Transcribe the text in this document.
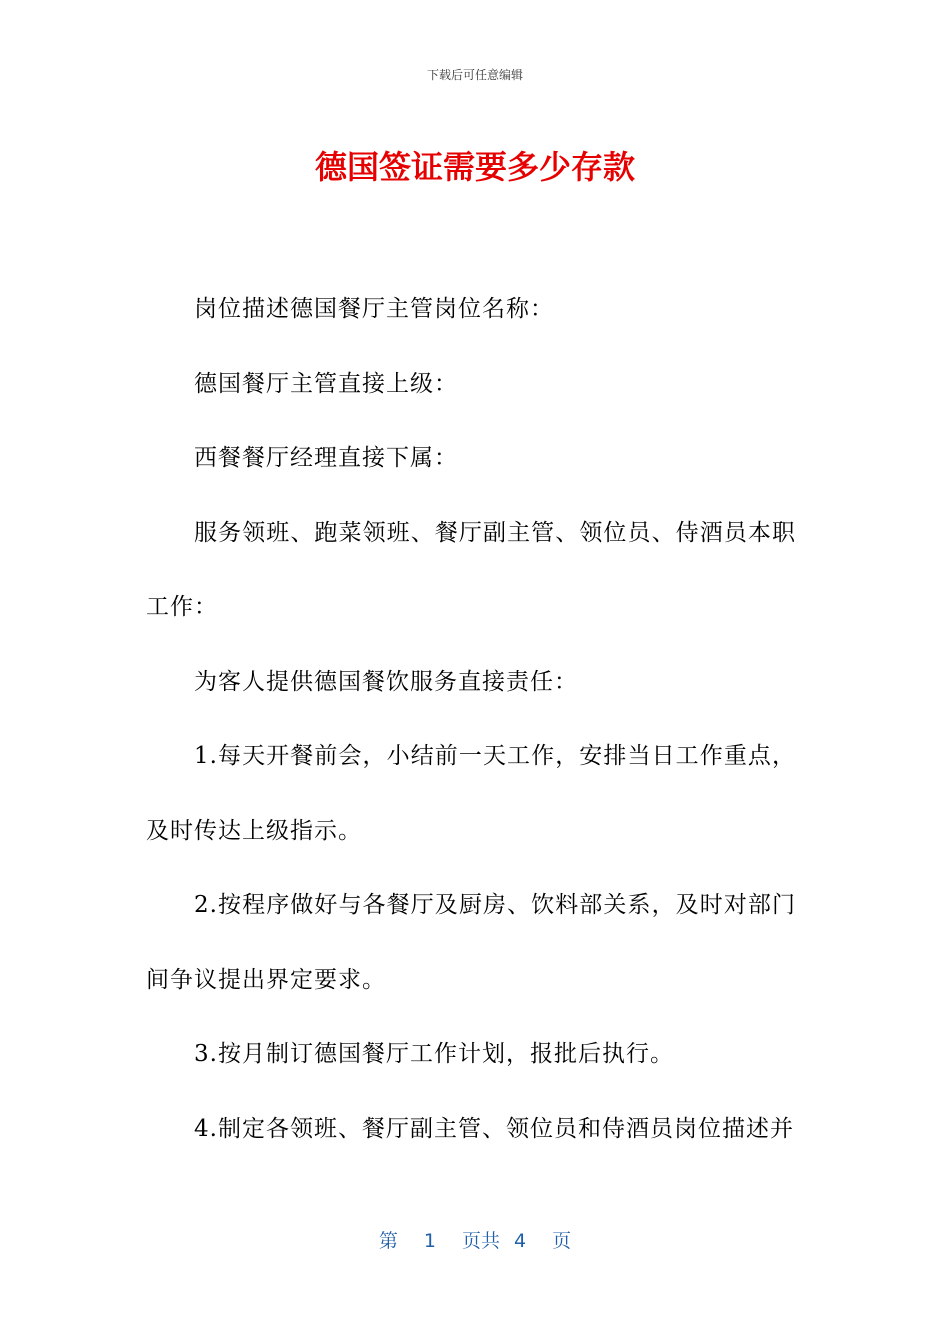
下载后可任意编辑
德国签证需要多少存款

岗位描述德国餐厅主管岗位名称：

德国餐厅主管直接上级：

西餐餐厅经理直接下属：

服务领班、跑菜领班、餐厅副主管、领位员、侍酒员本职工作：

为客人提供德国餐饮服务直接责任：

1.每天开餐前会，小结前一天工作，安排当日工作重点，及时传达上级指示。

2.按程序做好与各餐厅及厨房、饮料部关系，及时对部门间争议提出界定要求。

3.按月制订德国餐厅工作计划，报批后执行。

4.制定各领班、餐厅副主管、领位员和侍酒员岗位描述并

第 1 页共 4 页
